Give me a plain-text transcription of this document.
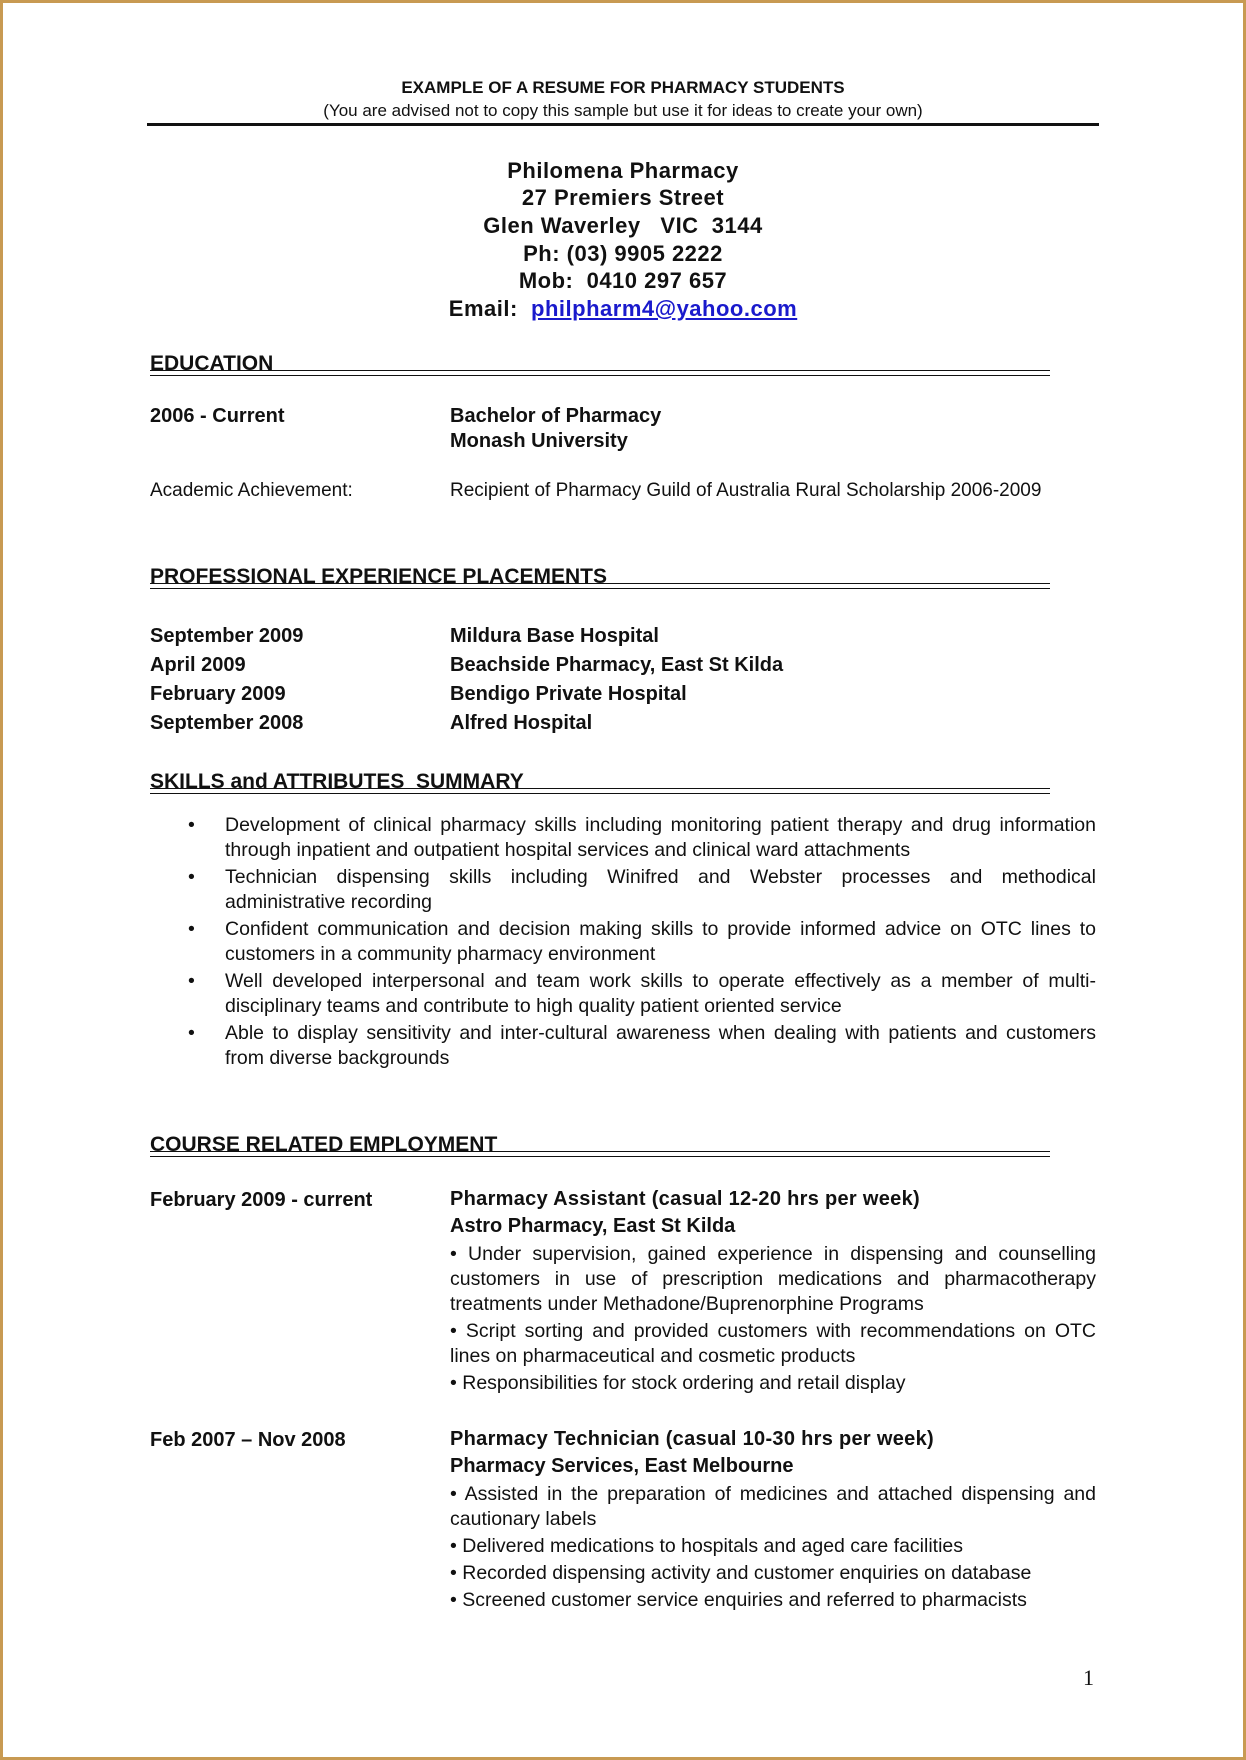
EXAMPLE OF A RESUME FOR PHARMACY STUDENTS
(You are advised not to copy this sample but use it for ideas to create your own)
Philomena Pharmacy
27 Premiers Street
Glen Waverley   VIC  3144
Ph: (03) 9905 2222
Mob:  0410 297 657
Email: philpharm4@yahoo.com
EDUCATION
2006 - Current	Bachelor of Pharmacy
Monash University
Academic Achievement:	Recipient of Pharmacy Guild of Australia Rural Scholarship 2006-2009
PROFESSIONAL EXPERIENCE PLACEMENTS
September 2009	Mildura Base Hospital
April 2009	Beachside Pharmacy, East St Kilda
February 2009	Bendigo Private Hospital
September 2008	Alfred Hospital
SKILLS and ATTRIBUTES  SUMMARY
• Development of clinical pharmacy skills including monitoring patient therapy and drug information through inpatient and outpatient hospital services and clinical ward attachments
• Technician dispensing skills including Winifred and Webster processes and methodical administrative recording
• Confident communication and decision making skills to provide informed advice on OTC lines to customers in a community pharmacy environment
• Well developed interpersonal and team work skills to operate effectively as a member of multi-disciplinary teams and contribute to high quality patient oriented service
• Able to display sensitivity and inter-cultural awareness when dealing with patients and customers from diverse backgrounds
COURSE RELATED EMPLOYMENT
February 2009 - current	Pharmacy Assistant (casual 12-20 hrs per week)
Astro Pharmacy, East St Kilda
• Under supervision, gained experience in dispensing and counselling customers in use of prescription medications and pharmacotherapy treatments under Methadone/Buprenorphine Programs
• Script sorting and provided customers with recommendations on OTC lines on pharmaceutical and cosmetic products
• Responsibilities for stock ordering and retail display
Feb 2007 – Nov 2008	Pharmacy Technician (casual 10-30 hrs per week)
Pharmacy Services, East Melbourne
• Assisted in the preparation of medicines and attached dispensing and cautionary labels
• Delivered medications to hospitals and aged care facilities
• Recorded dispensing activity and customer enquiries on database
• Screened customer service enquiries and referred to pharmacists
1
